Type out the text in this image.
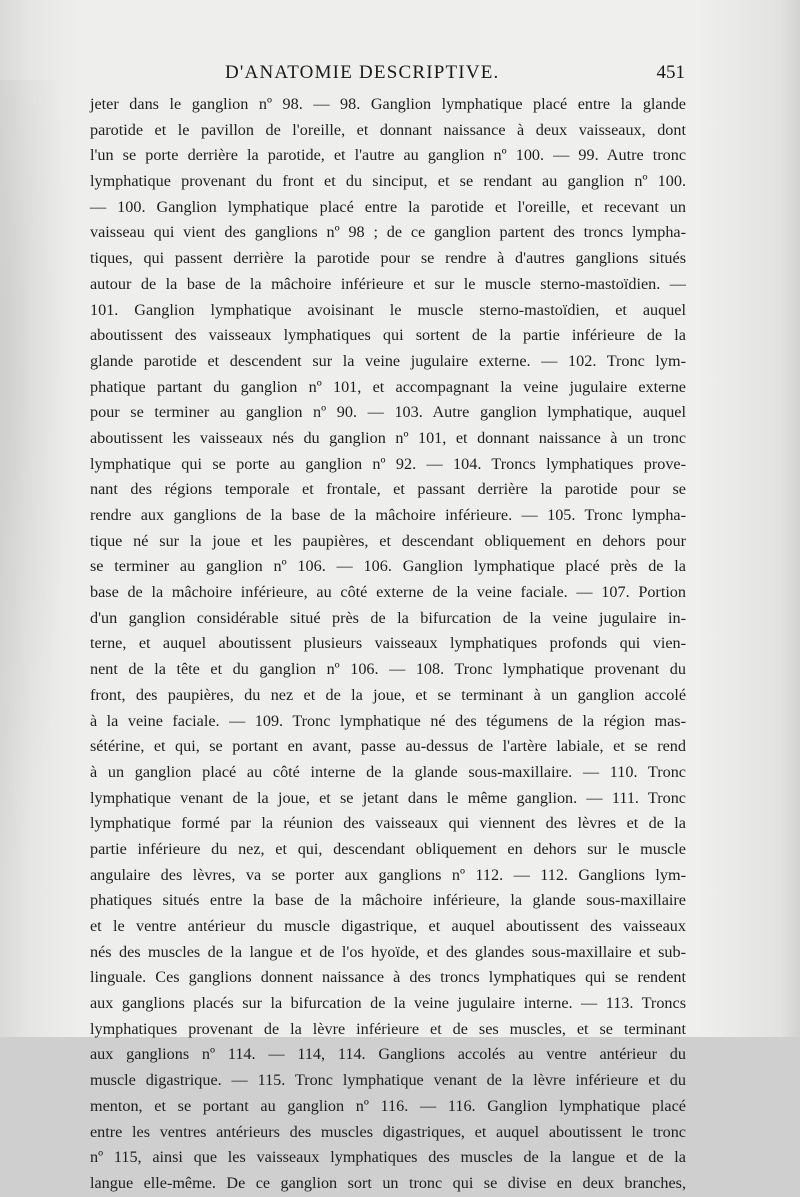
D'ANATOMIE DESCRIPTIVE.	451
jeter dans le ganglion nº 98. — 98. Ganglion lymphatique placé entre la glande
parotide et le pavillon de l'oreille, et donnant naissance à deux vaisseaux, dont
l'un se porte derrière la parotide, et l'autre au ganglion nº 100. — 99. Autre tronc
lymphatique provenant du front et du sinciput, et se rendant au ganglion nº 100.
— 100. Ganglion lymphatique placé entre la parotide et l'oreille, et recevant un
vaisseau qui vient des ganglions nº 98 ; de ce ganglion partent des troncs lympha-
tiques, qui passent derrière la parotide pour se rendre à d'autres ganglions situés
autour de la base de la mâchoire inférieure et sur le muscle sterno-mastoïdien. —
101. Ganglion lymphatique avoisinant le muscle sterno-mastoïdien, et auquel
aboutissent des vaisseaux lymphatiques qui sortent de la partie inférieure de la
glande parotide et descendent sur la veine jugulaire externe. — 102. Tronc lym-
phatique partant du ganglion nº 101, et accompagnant la veine jugulaire externe
pour se terminer au ganglion nº 90. — 103. Autre ganglion lymphatique, auquel
aboutissent les vaisseaux nés du ganglion nº 101, et donnant naissance à un tronc
lymphatique qui se porte au ganglion nº 92. — 104. Troncs lymphatiques prove-
nant des régions temporale et frontale, et passant derrière la parotide pour se
rendre aux ganglions de la base de la mâchoire inférieure. — 105. Tronc lympha-
tique né sur la joue et les paupières, et descendant obliquement en dehors pour
se terminer au ganglion nº 106. — 106. Ganglion lymphatique placé près de la
base de la mâchoire inférieure, au côté externe de la veine faciale. — 107. Portion
d'un ganglion considérable situé près de la bifurcation de la veine jugulaire in-
terne, et auquel aboutissent plusieurs vaisseaux lymphatiques profonds qui vien-
nent de la tête et du ganglion nº 106. — 108. Tronc lymphatique provenant du
front, des paupières, du nez et de la joue, et se terminant à un ganglion accolé
à la veine faciale. — 109. Tronc lymphatique né des tégumens de la région mas-
sétérine, et qui, se portant en avant, passe au-dessus de l'artère labiale, et se rend
à un ganglion placé au côté interne de la glande sous-maxillaire. — 110. Tronc
lymphatique venant de la joue, et se jetant dans le même ganglion. — 111. Tronc
lymphatique formé par la réunion des vaisseaux qui viennent des lèvres et de la
partie inférieure du nez, et qui, descendant obliquement en dehors sur le muscle
angulaire des lèvres, va se porter aux ganglions nº 112. — 112. Ganglions lym-
phatiques situés entre la base de la mâchoire inférieure, la glande sous-maxillaire
et le ventre antérieur du muscle digastrique, et auquel aboutissent des vaisseaux
nés des muscles de la langue et de l'os hyoïde, et des glandes sous-maxillaire et sub-
linguale. Ces ganglions donnent naissance à des troncs lymphatiques qui se rendent
aux ganglions placés sur la bifurcation de la veine jugulaire interne. — 113. Troncs
lymphatiques provenant de la lèvre inférieure et de ses muscles, et se terminant
aux ganglions nº 114. — 114, 114. Ganglions accolés au ventre antérieur du
muscle digastrique. — 115. Tronc lymphatique venant de la lèvre inférieure et du
menton, et se portant au ganglion nº 116. — 116. Ganglion lymphatique placé
entre les ventres antérieurs des muscles digastriques, et auquel aboutissent le tronc
nº 115, ainsi que les vaisseaux lymphatiques des muscles de la langue et de la
langue elle-même. De ce ganglion sort un tronc qui se divise en deux branches,
